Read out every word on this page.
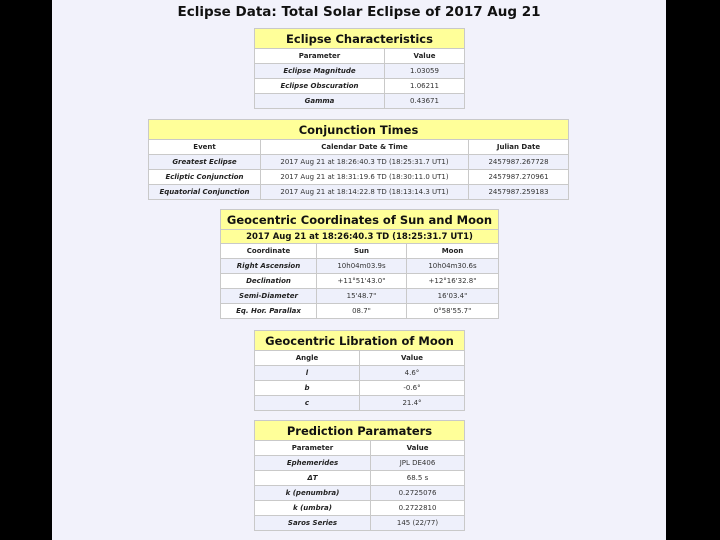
Eclipse Data: Total Solar Eclipse of 2017 Aug 21
Eclipse Characteristics	
Parameter	Value
Eclipse Magnitude	1.03059
Eclipse Obscuration	1.06211
Gamma	0.43671
Conjunction Times		
Event	Calendar Date & Time	Julian Date
Greatest Eclipse	2017 Aug 21 at 18:26:40.3 TD (18:25:31.7 UT1)	2457987.267728
Ecliptic Conjunction	2017 Aug 21 at 18:31:19.6 TD (18:30:11.0 UT1)	2457987.270961
Equatorial Conjunction	2017 Aug 21 at 18:14:22.8 TD (18:13:14.3 UT1)	2457987.259183
Geocentric Coordinates of Sun and Moon		
2017 Aug 21 at 18:26:40.3 TD (18:25:31.7 UT1)		
Coordinate	Sun	Moon
Right Ascension	10h04m03.9s	10h04m30.6s
Declination	+11°51'43.0"	+12°16'32.8"
Semi-Diameter	15'48.7"	16'03.4"
Eq. Hor. Parallax	08.7"	0°58'55.7"
Geocentric Libration of Moon	
Angle	Value
l	4.6°
b	-0.6°
c	21.4°
Prediction Paramaters	
Parameter	Value
Ephemerides	JPL DE406
ΔT	68.5 s
k (penumbra)	0.2725076
k (umbra)	0.2722810
Saros Series	145 (22/77)
